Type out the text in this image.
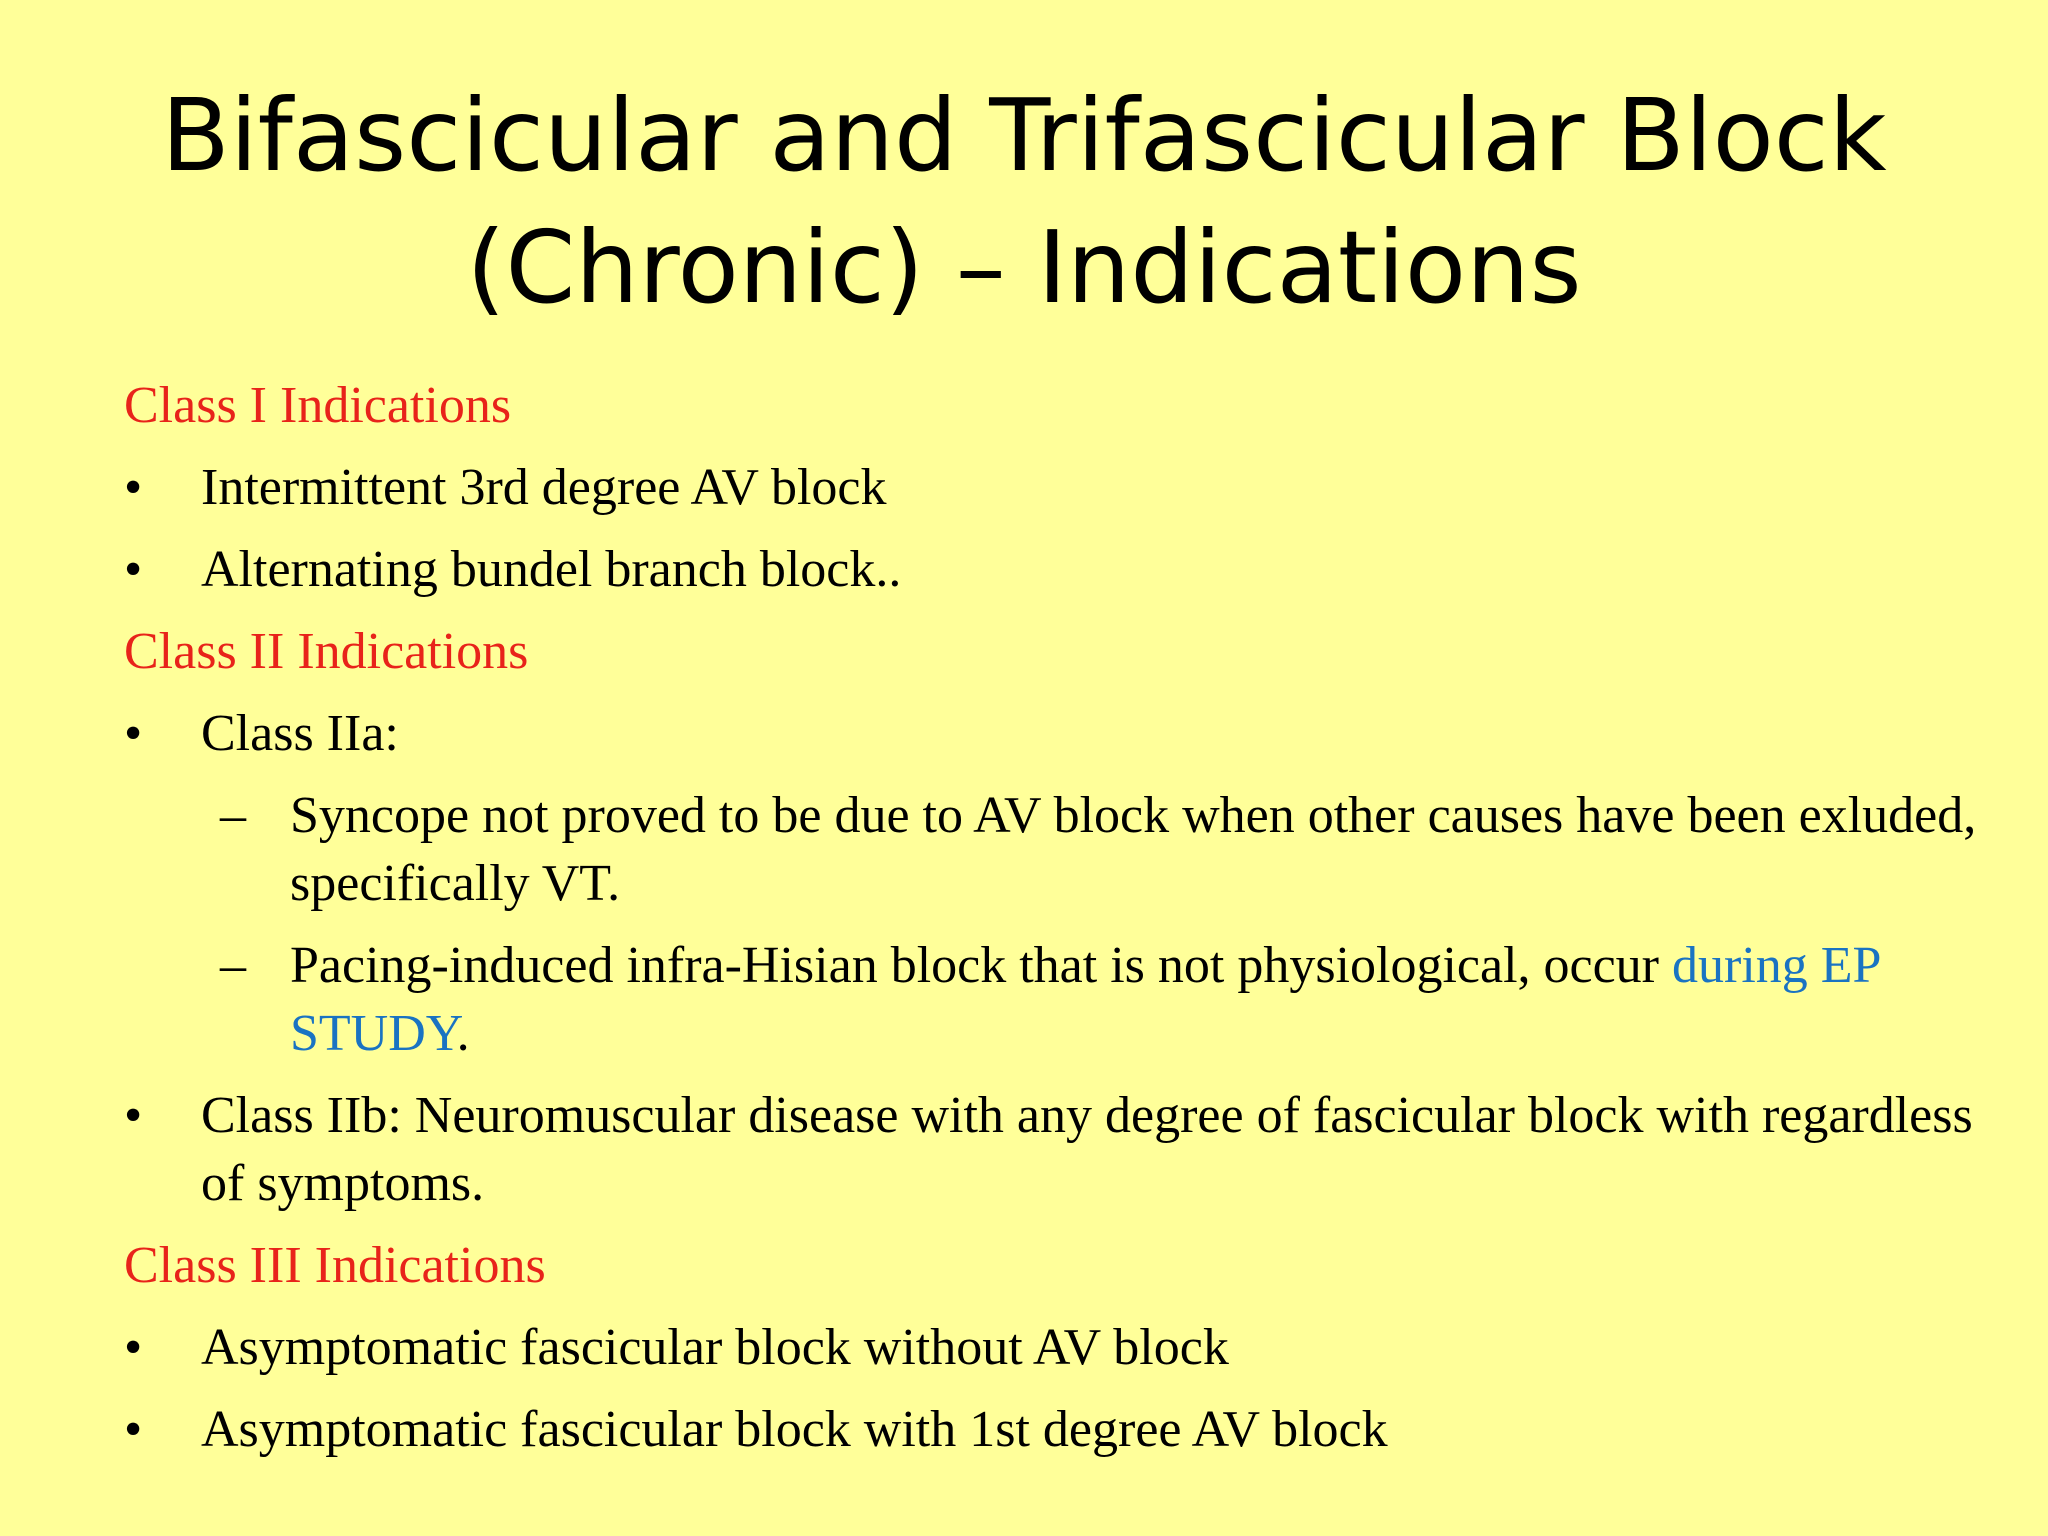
Bifascicular and Trifascicular Block
(Chronic) – Indications
Class I Indications
• Intermittent 3rd degree AV block
• Alternating bundel branch block..
Class II Indications
• Class IIa:
– Syncope not proved to be due to AV block when other causes have been exluded, specifically VT.
– Pacing-induced infra-Hisian block that is not physiological, occur during EP STUDY.
• Class IIb: Neuromuscular disease with any degree of fascicular block with regardless of symptoms.
Class III Indications
• Asymptomatic fascicular block without AV block
• Asymptomatic fascicular block with 1st degree AV block
